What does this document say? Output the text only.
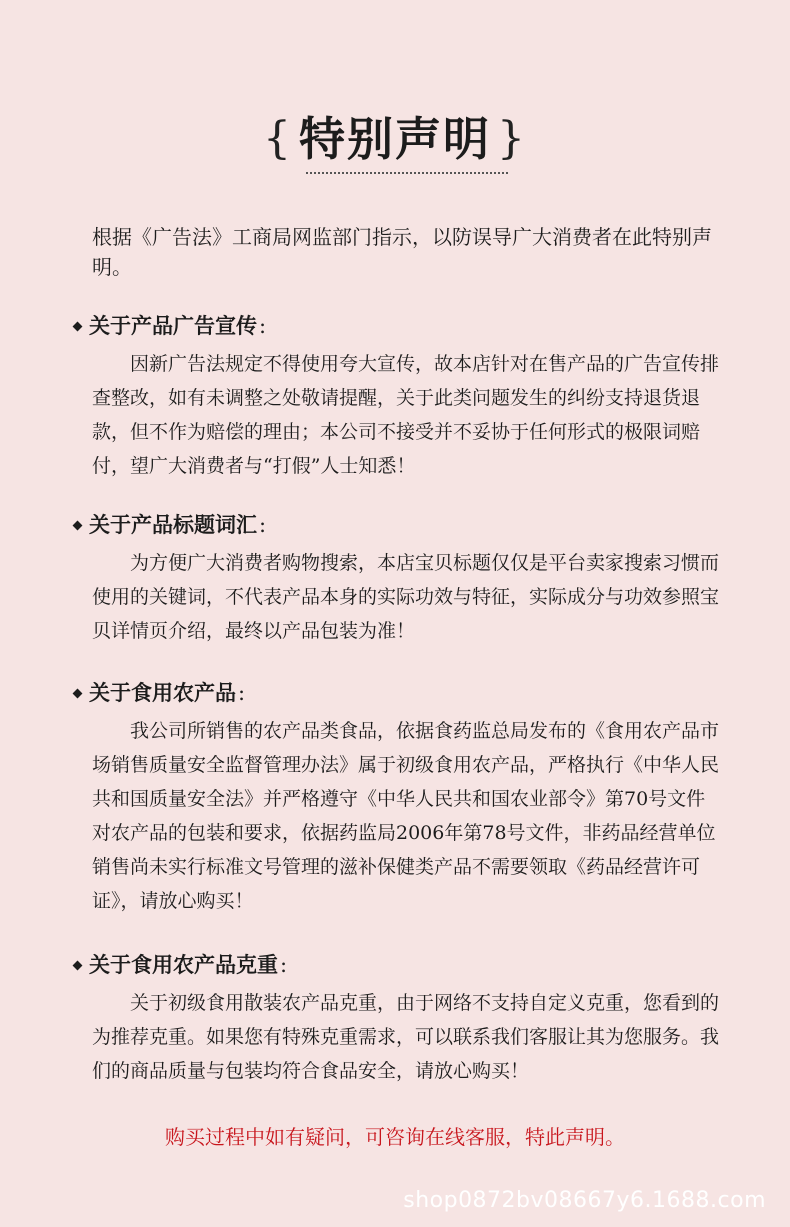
{ 特别声明 }

根据《广告法》工商局网监部门指示，以防误导广大消费者在此特别声明。

关于产品广告宣传 :

因新广告法规定不得使用夸大宣传，故本店针对在售产品的广告宣传排查整改，如有未调整之处敬请提醒，关于此类问题发生的纠纷支持退货退款，但不作为赔偿的理由；本公司不接受并不妥协于任何形式的极限词赔付，望广大消费者与“打假”人士知悉！

关于产品标题词汇 :

为方便广大消费者购物搜索，本店宝贝标题仅仅是平台卖家搜索习惯而使用的关键词，不代表产品本身的实际功效与特征，实际成分与功效参照宝贝详情页介绍，最终以产品包装为准！

关于食用农产品 :

我公司所销售的农产品类食品，依据食药监总局发布的《食用农产品市场销售质量安全监督管理办法》属于初级食用农产品，严格执行《中华人民共和国质量安全法》并严格遵守《中华人民共和国农业部令》第70号文件对农产品的包装和要求，依据药监局2006年第78号文件，非药品经营单位销售尚未实行标准文号管理的滋补保健类产品不需要领取《药品经营许可证》，请放心购买！

关于食用农产品克重 :

关于初级食用散装农产品克重，由于网络不支持自定义克重，您看到的为推荐克重。如果您有特殊克重需求，可以联系我们客服让其为您服务。我们的商品质量与包装均符合食品安全，请放心购买！

购买过程中如有疑问，可咨询在线客服，特此声明。

shop0872bv08667y6.1688.com
